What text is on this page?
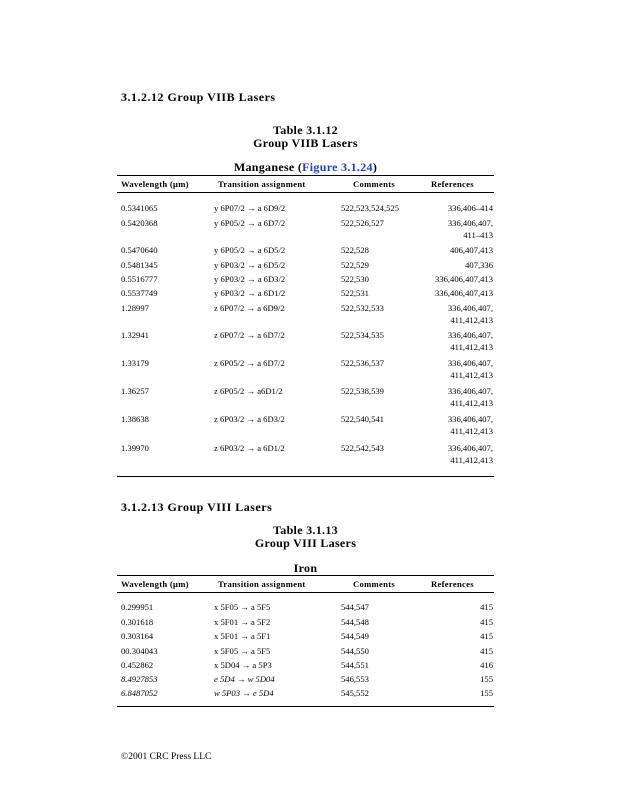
3.1.2.12 Group VIIB Lasers
Table 3.1.12
Group VIIB Lasers
Manganese (Figure 3.1.24)
Wavelength (μm)	Transition assignment	Comments	References
0.5341065	y 6P07/2 → a 6D9/2	522,523,524,525	336,406–414
0.5420368	y 6P05/2 → a 6D7/2	522,526,527	336,406,407,
411–413
0.5470640	y 6P05/2 → a 6D5/2	522,528	406,407,413
0.5481345	y 6P03/2 → a 6D5/2	522,529	407,336
0.5516777	y 6P03/2 → a 6D3/2	522,530	336,406,407,413
0.5537749	y 6P03/2 → a 6D1/2	522,531	336,406,407,413
1.28997	z 6P07/2 → a 6D9/2	522,532,533	336,406,407,
411,412,413
1.32941	z 6P07/2 → a 6D7/2	522,534,535	336,406,407,
411,412,413
1.33179	z 6P05/2 → a 6D7/2	522,536,537	336,406,407,
411,412,413
1.36257	z 6P05/2 → a6D1/2	522,538,539	336,406,407,
411,412,413
1.38638	z 6P03/2 → a 6D3/2	522,540,541	336,406,407,
411,412,413
1.39970	z 6P03/2 → a 6D1/2	522,542,543	336,406,407,
411,412,413
3.1.2.13 Group VIII Lasers
Table 3.1.13
Group VIII Lasers
Iron
Wavelength (μm)	Transition assignment	Comments	References
0.299951	x 5F05 → a 5F5	544,547	415
0.301618	x 5F01 → a 5F2	544,548	415
0.303164	x 5F01 → a 5F1	544,549	415
00.304043	x 5F05 → a 5F5	544,550	415
0.452862	x 5D04 → a 5P3	544,551	416
8.4927853	e 5D4 → w 5D04	546,553	155
6.8487052	w 5P03 → e 5D4	545,552	155
©2001 CRC Press LLC
